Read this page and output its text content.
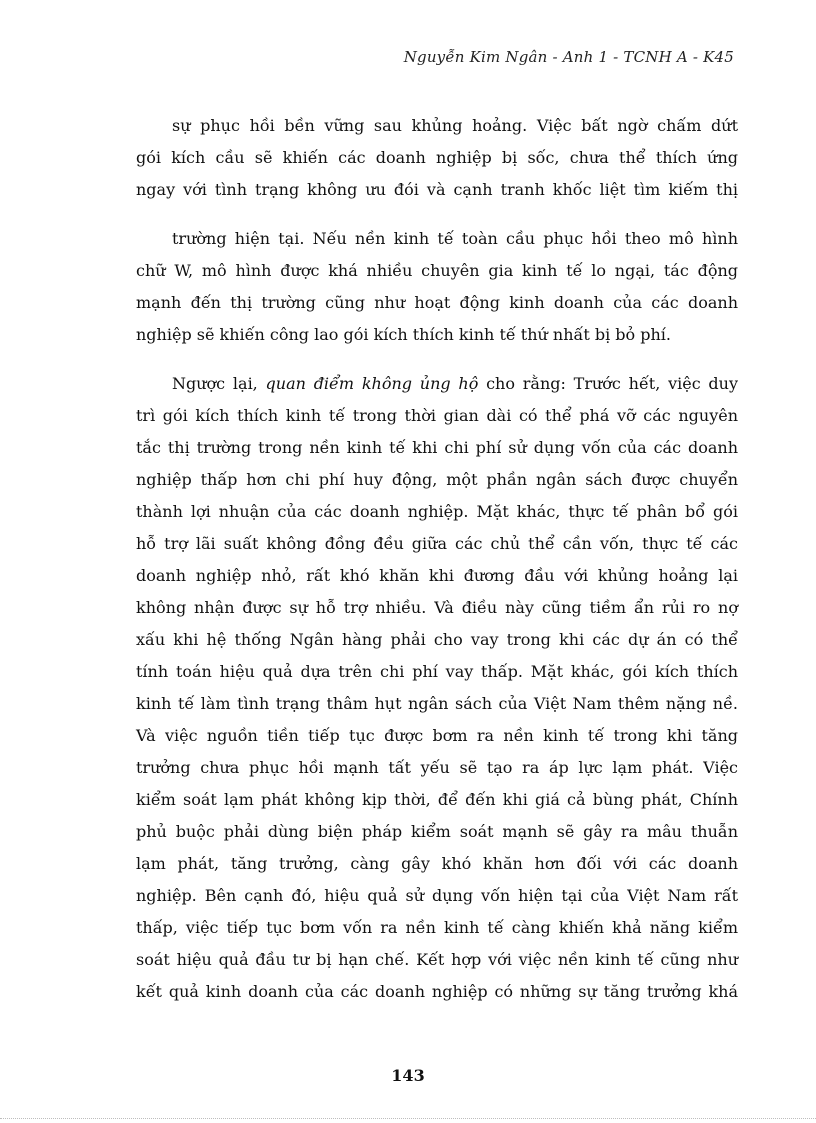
Nguyễn Kim Ngân - Anh 1 - TCNH A - K45
sự phục hồi bền vững sau khủng hoảng. Việc bất ngờ chấm dứt
gói kích cầu sẽ khiến các doanh nghiệp bị sốc, chưa thể thích ứng
ngay với tình trạng không ưu đói và cạnh tranh khốc liệt tìm kiếm thị
trường hiện tại. Nếu nền kinh tế toàn cầu phục hồi theo mô hình
chữ W, mô hình được khá nhiều chuyên gia kinh tế lo ngại, tác động
mạnh đến thị trường cũng như hoạt động kinh doanh của các doanh
nghiệp sẽ khiến công lao gói kích thích kinh tế thứ nhất bị bỏ phí.
Ngược lại, quan điểm không ủng hộ cho rằng: Trước hết, việc duy
trì gói kích thích kinh tế trong thời gian dài có thể phá vỡ các nguyên
tắc thị trường trong nền kinh tế khi chi phí sử dụng vốn của các doanh
nghiệp thấp hơn chi phí huy động, một phần ngân sách được chuyển
thành lợi nhuận của các doanh nghiệp. Mặt khác, thực tế phân bổ gói
hỗ trợ lãi suất không đồng đều giữa các chủ thể cần vốn, thực tế các
doanh nghiệp nhỏ, rất khó khăn khi đương đầu với khủng hoảng lại
không nhận được sự hỗ trợ nhiều. Và điều này cũng tiềm ẩn rủi ro nợ
xấu khi hệ thống Ngân hàng phải cho vay trong khi các dự án có thể
tính toán hiệu quả dựa trên chi phí vay thấp. Mặt khác, gói kích thích
kinh tế làm tình trạng thâm hụt ngân sách của Việt Nam thêm nặng nề.
Và việc nguồn tiền tiếp tục được bơm ra nền kinh tế trong khi tăng
trưởng chưa phục hồi mạnh tất yếu sẽ tạo ra áp lực lạm phát. Việc
kiểm soát lạm phát không kịp thời, để đến khi giá cả bùng phát, Chính
phủ buộc phải dùng biện pháp kiểm soát mạnh sẽ gây ra mâu thuẫn
lạm phát, tăng trưởng, càng gây khó khăn hơn đối với các doanh
nghiệp. Bên cạnh đó, hiệu quả sử dụng vốn hiện tại của Việt Nam rất
thấp, việc tiếp tục bơm vốn ra nền kinh tế càng khiến khả năng kiểm
soát hiệu quả đầu tư bị hạn chế. Kết hợp với việc nền kinh tế cũng như
kết quả kinh doanh của các doanh nghiệp có những sự tăng trưởng khá
143
